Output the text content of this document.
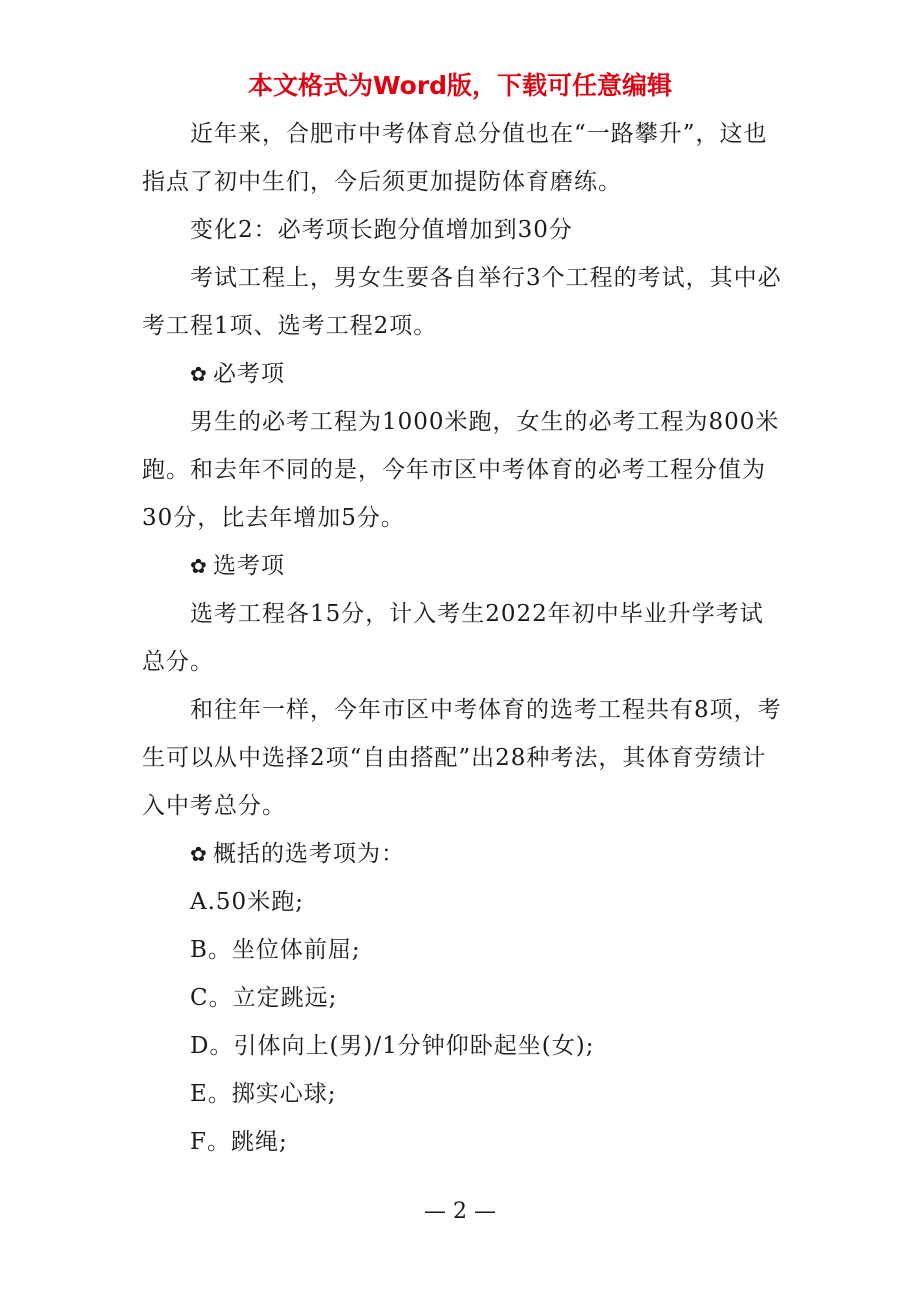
本文格式为Word版，下载可任意编辑

近年来，合肥市中考体育总分值也在“一路攀升”，这也指点了初中生们，今后须更加提防体育磨练。

变化2：必考项长跑分值增加到30分

考试工程上，男女生要各自举行3个工程的考试，其中必考工程1项、选考工程2项。

✿ 必考项

男生的必考工程为1000米跑，女生的必考工程为800米跑。和去年不同的是，今年市区中考体育的必考工程分值为30分，比去年增加5分。

✿ 选考项

选考工程各15分，计入考生2022年初中毕业升学考试总分。

和往年一样，今年市区中考体育的选考工程共有8项，考生可以从中选择2项“自由搭配”出28种考法，其体育劳绩计入中考总分。

✿ 概括的选考项为：

A.50米跑;

B。坐位体前屈;

C。立定跳远;

D。引体向上(男)/1分钟仰卧起坐(女);

E。掷实心球;

F。跳绳;

— 2 —
